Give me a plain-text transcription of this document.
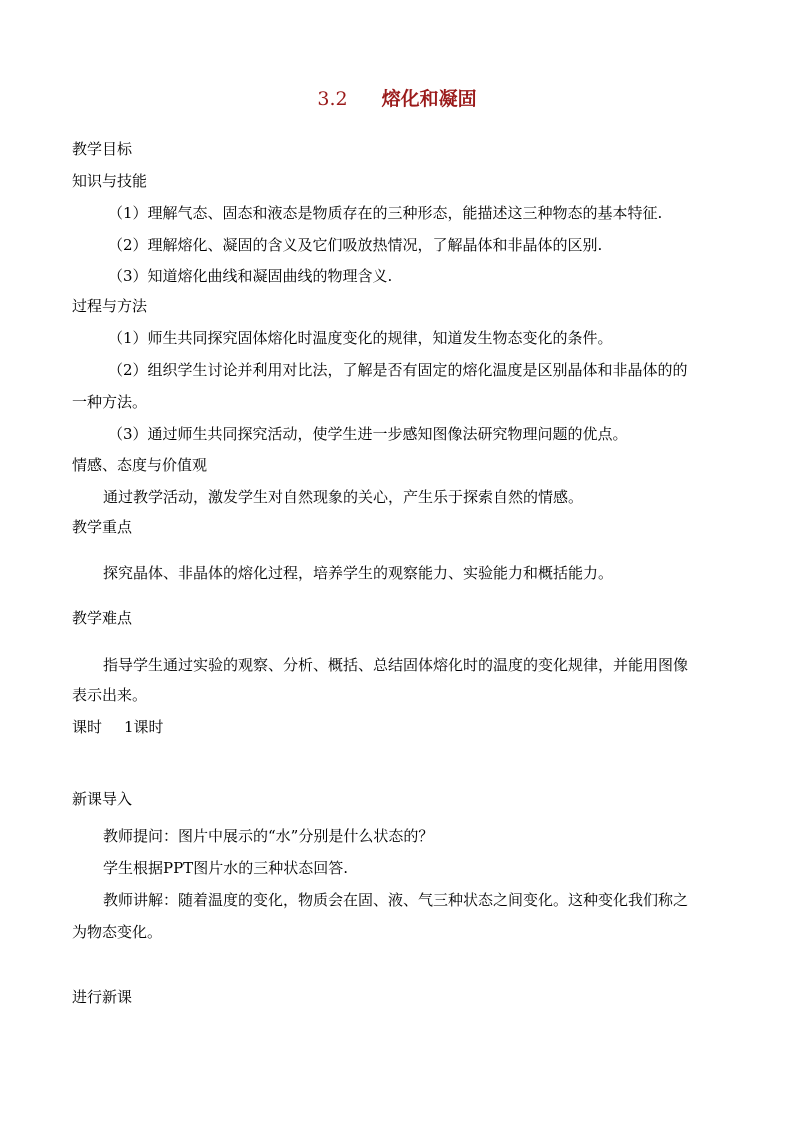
3.2 熔化和凝固
教学目标
知识与技能
（1）理解气态、固态和液态是物质存在的三种形态，能描述这三种物态的基本特征.
（2）理解熔化、凝固的含义及它们吸放热情况，了解晶体和非晶体的区别.
（3）知道熔化曲线和凝固曲线的物理含义.
过程与方法
（1）师生共同探究固体熔化时温度变化的规律，知道发生物态变化的条件。
（2）组织学生讨论并利用对比法，了解是否有固定的熔化温度是区别晶体和非晶体的的
一种方法。
（3）通过师生共同探究活动，使学生进一步感知图像法研究物理问题的优点。
情感、态度与价值观
通过教学活动，激发学生对自然现象的关心，产生乐于探索自然的情感。
教学重点
探究晶体、非晶体的熔化过程，培养学生的观察能力、实验能力和概括能力。
教学难点
指导学生通过实验的观察、分析、概括、总结固体熔化时的温度的变化规律，并能用图像
表示出来。
课时 1课时
新课导入
教师提问：图片中展示的“水”分别是什么状态的？
学生根据PPT图片水的三种状态回答.
教师讲解：随着温度的变化，物质会在固、液、气三种状态之间变化。这种变化我们称之
为物态变化。
进行新课
